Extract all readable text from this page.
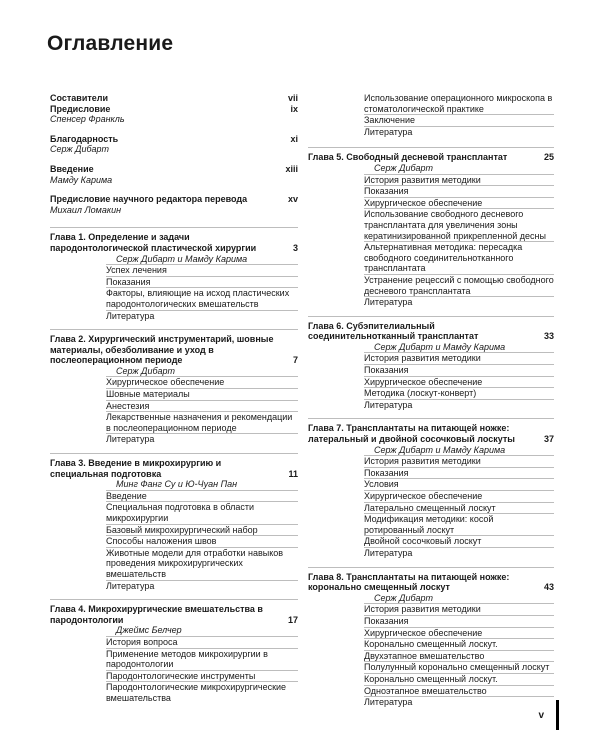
Оглавление
Составители	vii
Предисловие	ix
Спенсер Франкль
Благодарность	xi
Серж Дибарт
Введение	xiii
Мамду Карима
Предисловие научного редактора перевода	xv
Михаил Ломакин
Глава 1. Определение и задачи пародонтологической пластической хирургии	3
Серж Дибарт и Мамду Карима
Успех лечения
Показания
Факторы, влияющие на исход пластических пародонтологических вмешательств
Литература
Глава 2. Хирургический инструментарий, шовные материалы, обезболивание и уход в послеоперационном периоде	7
Серж Дибарт
Хирургическое обеспечение
Шовные материалы
Анестезия
Лекарственные назначения и рекомендации в послеоперационном периоде
Литература
Глава 3. Введение в микрохирургию и специальная подготовка	11
Минг Фанг Су и Ю-Чуан Пан
Введение
Специальная подготовка в области микрохирургии
Базовый микрохирургический набор
Способы наложения швов
Животные модели для отработки навыков проведения микрохирургических вмешательств
Литература
Глава 4. Микрохирургические вмешательства в пародонтологии	17
Джеймс Белчер
История вопроса
Применение методов микрохирургии в пародонтологии
Пародонтологические инструменты
Пародонтологические микрохирургические вмешательства
Использование операционного микроскопа в стоматологической практике
Заключение
Литература
Глава 5. Свободный десневой трансплантат	25
Серж Дибарт
История развития методики
Показания
Хирургическое обеспечение
Использование свободного десневого трансплантата для увеличения зоны кератинизированной прикрепленной десны
Альтернативная методика: пересадка свободного соединительнотканного трансплантата
Устранение рецессий с помощью свободного десневого трансплантата
Литература
Глава 6. Субэпителиальный соединительнотканный трансплантат	33
Серж Дибарт и Мамду Карима
История развития методики
Показания
Хирургическое обеспечение
Методика (лоскут-конверт)
Литература
Глава 7. Трансплантаты на питающей ножке: латеральный и двойной сосочковый лоскуты	37
Серж Дибарт и Мамду Карима
История развития методики
Показания
Условия
Хирургическое обеспечение
Латерально смещенный лоскут
Модификация методики: косой ротированный лоскут
Двойной сосочковый лоскут
Литература
Глава 8. Трансплантаты на питающей ножке: коронально смещенный лоскут	43
Серж Дибарт
История развития методики
Показания
Хирургическое обеспечение
Коронально смещенный лоскут.
Двухэтапное вмешательство
Полулунный коронально смещенный лоскут
Коронально смещенный лоскут.
Одноэтапное вмешательство
Литература
v
